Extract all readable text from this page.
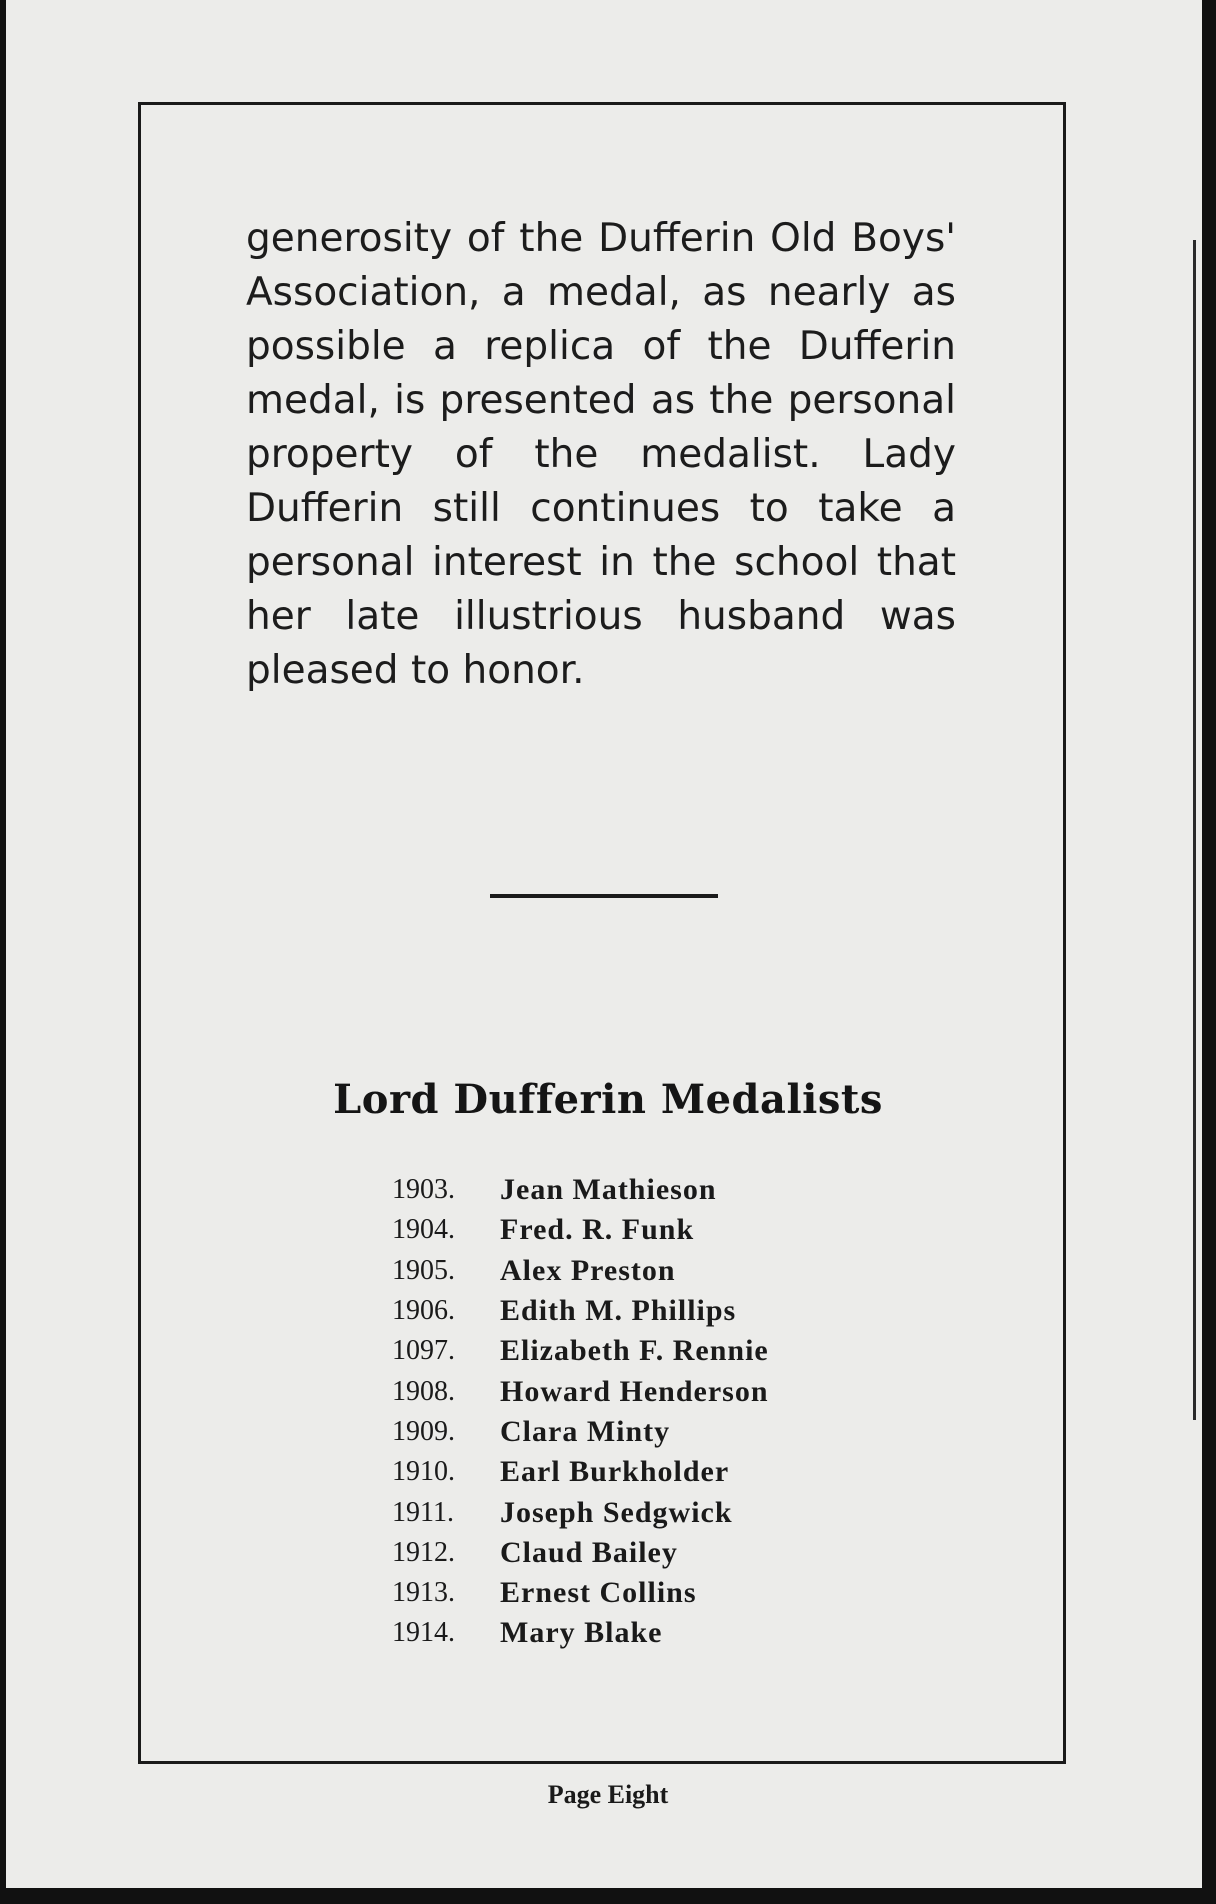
generosity of the Dufferin Old Boys' Association, a medal, as nearly as possible a replica of the Dufferin medal, is presented as the personal property of the medalist. Lady Dufferin still continues to take a personal interest in the school that her late illustrious husband was pleased to honor.

Lord Dufferin Medalists
1903.	Jean Mathieson
1904.	Fred. R. Funk
1905.	Alex Preston
1906.	Edith M. Phillips
1097.	Elizabeth F. Rennie
1908.	Howard Henderson
1909.	Clara Minty
1910.	Earl Burkholder
1911.	Joseph Sedgwick
1912.	Claud Bailey
1913.	Ernest Collins
1914.	Mary Blake

Page Eight
